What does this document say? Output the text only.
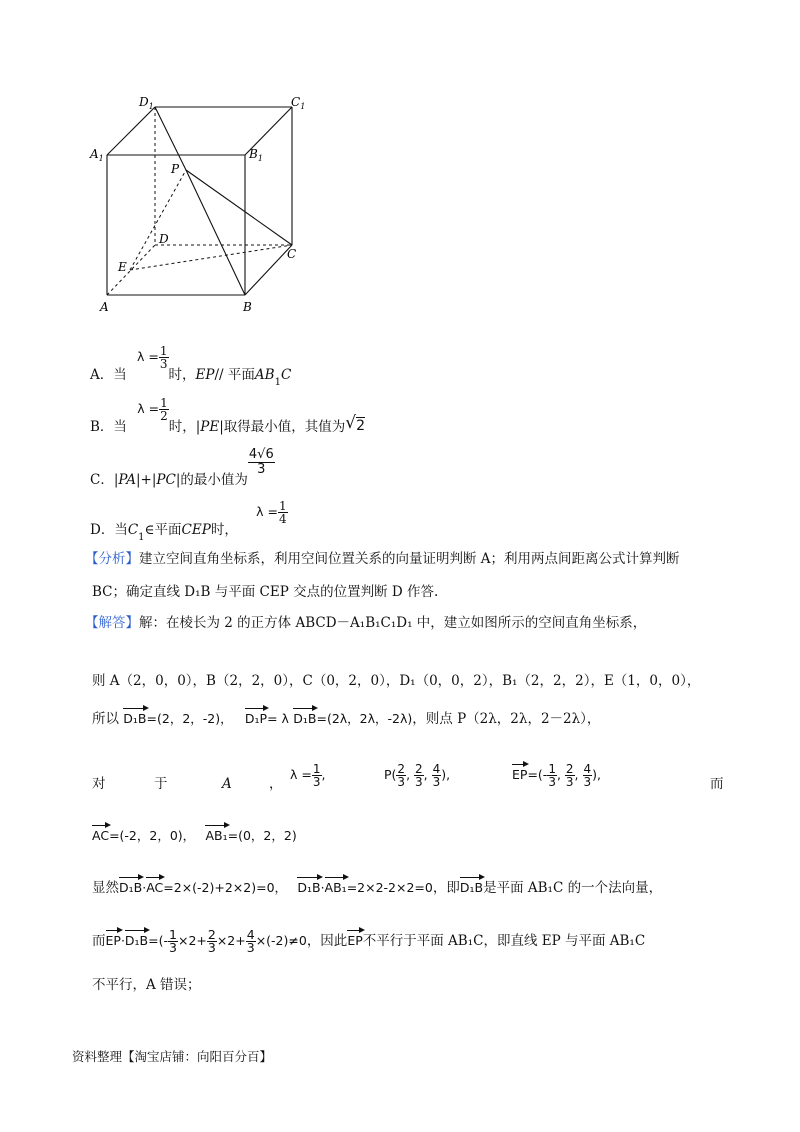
$D_1$	$C_1$
$A_1$	$B_1$
P
D
C
E
A	B
A．当 $\lambda = \frac{1}{3}$
时，EP// 平面$AB_1C$
B．当 $\lambda = \frac{1}{2}$
时，|PE|取得最小值，其值为√2
C．|PA|+|PC|的最小值为
$\frac{4√6}{3}$
D．当$C_1\in$平面CEP时， $\lambda = \frac{1}{4}$
【分析】建立空间直角坐标系，利用空间位置关系的向量证明判断 A；利用两点间距离公式计算判断
BC；确定直线 D₁B 与平面 CEP 交点的位置判断 D 作答.
【解答】解：在棱长为 2 的正方体 ABCD－A₁B₁C₁D₁ 中，建立如图所示的空间直角坐标系，
则 A（2，0，0），B（2，2，0），C（0，2，0），D₁（0，0，2），B₁（2，2，2），E（1，0，0），
所以 D₁B=(2，2，-2)， D₁P= λ D₁B=(2λ，2λ，-2λ)，则点 P（2λ，2λ，2－2λ），
对	于	A	，
$\lambda = \frac{1}{3}$ ,	$P( \frac{2}{3}$ , $\frac{2}{3}$ , $\frac{4}{3}$ ),	$EP=(- \frac{1}{3}$ , $\frac{2}{3}$ , $\frac{4}{3}$ ),
而
AC=(-2，2，0)， AB₁=(0，2，2)
显然D₁B·AC=2×(-2)+2×2)=0， D₁B·AB₁=2×2-2×2=0，即D₁B是平面 AB₁C 的一个法向量，
而$EP\cdot D_1B=(- \frac{1}{3} \times 2+ \frac{2}{3} \times 2+ \frac{4}{3} \times(-2)\ne 0$，因此EP不平行于平面 AB₁C，即直线 EP 与平面 AB₁C
不平行，A 错误；
资料整理【淘宝店铺：向阳百分百】
